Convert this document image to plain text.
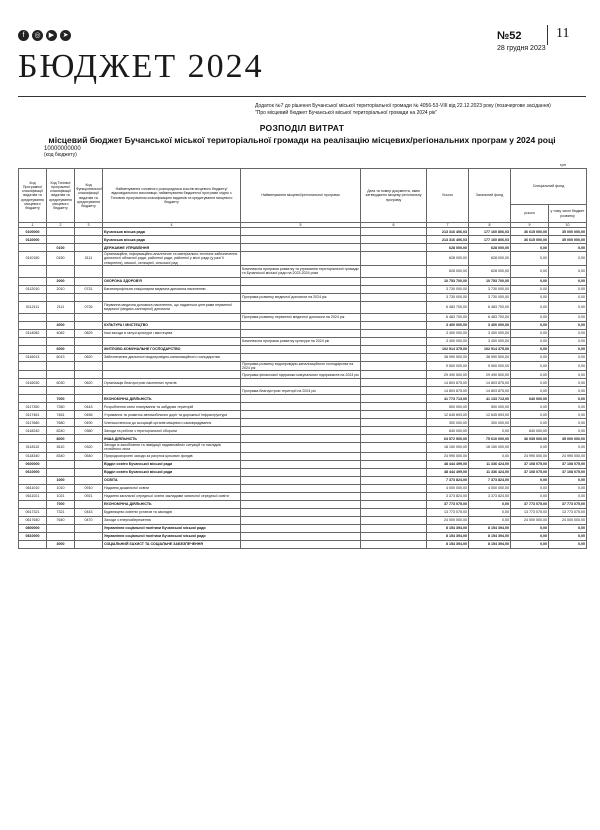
f	◎	▶	➤	№52
28 грудня 2023
11
БЮДЖЕТ 2024
Додаток №7 до рішення Бучанської міської територіальної громади № 4056-53-VIII від 22.12.2023 року (позачергове засідання)
"Про місцевий бюджет Бучанської міської територіальної громади на 2024 рік"
РОЗПОДІЛ ВИТРАТ
місцевий бюджет Бучанської міської територіальної громади на реалізацію місцевих/регіональних програм у 2024 році
10000000000
(код бюджету)
грн
Код Програмної класифікації видатків та кредитування місцевого бюджету	Код Типової програмної класифікації видатків та кредитування місцевого бюджету	Код Функціональної класифікації видатків та кредитування бюджету	Найменування головного розпорядника коштів місцевого бюджету/ відповідального виконавця, найменування бюджетної програми згідно з Типовою програмною класифікацією видатків та кредитування місцевого бюджету	Найменування місцевої/регіональної програми	Дата та номер документа, яким затверджено місцеву регіональну програму	Усього	Загальний фонд	Спеціальний фонд	
								усього	у тому числі бюджет розвитку
1	2	3	4	5	6	7	8	9	10
0100000			Бучанська міська рада			213 316 406,03	177 160 806,03	36 615 000,00	35 000 000,00
0110000			Бучанська міська рада			213 316 406,03	177 160 806,03	36 615 000,00	35 000 000,00
	0100		ДЕРЖАВНЕ УПРАВЛІННЯ			628 000,00	628 000,00	0,00	0,00
0110150	0150	0111	Організаційне, інформаційно-аналітичне та матеріально-технічне забезпечення діяльності обласної ради, районної ради, районної у місті ради (у разі її створення), міської, селищної, сільської рад			628 000,00	628 000,00	0,00	0,00
				Комплексна програма розвитку та утримання територіальної громади та Бучанської міської ради на 2023-2024 роки		628 000,00	628 000,00	0,00	0,00
	2000		ОХОРОНА ЗДОРОВ'Я			10 753 700,00	10 753 700,00	0,00	0,00
0112010	2010	0731	Багатопрофільна стаціонарна медична допомога населенню			3 730 000,00	3 730 000,00	0,00	0,00
				Програма розвитку медичної допомоги на 2024 рік		3 730 000,00	3 730 000,00	0,00	0,00
0112111	2111	0726	Первинна медична допомога населенню, що надається центрами первинної медичної (медико-санітарної) допомоги			6 483 700,00	6 483 700,00	0,00	0,00
				Програма розвитку первинної медичної допомоги на 2024 рік		6 483 700,00	6 483 700,00	0,00	0,00
	4000		КУЛЬТУРА І МИСТЕЦТВО			3 400 000,00	3 400 000,00	0,00	0,00
0114082	4082	0829	Інші заходи в галузі культури і мистецтва			3 400 000,00	3 400 000,00	0,00	0,00
				Комплексна програма розвитку культури на 2024 рік		3 400 000,00	3 400 000,00	0,00	0,00
	6000		ЖИТЛОВО-КОМУНАЛЬНЕ ГОСПОДАРСТВО			102 514 375,00	102 514 375,00	0,00	0,00
0116013	6013	0620	Забезпечення діяльності водопровідно-каналізаційного господарства			38 990 500,00	38 990 500,00	0,00	0,00
				Програма розвитку водопровідно-каналізаційного господарства на 2024 рік		9 500 000,00	9 500 000,00	0,00	0,00
				Програма фінансової підтримки комунальних підприємств на 2024 рік		29 490 500,00	29 490 500,00	0,00	0,00
0116030	6030	0620	Організація благоустрою населених пунктів			14 803 875,00	14 803 875,00	0,00	0,00
				Програма благоустрою території на 2024 рік		14 803 875,00	14 803 875,00	0,00	0,00
	7000		ЕКОНОМІЧНА ДІЯЛЬНІСТЬ			41 773 713,00	41 133 713,00	640 000,00	0,00
0117350	7350	0443	Розроблення схем планування та забудови територій			500 000,00	500 000,00	0,00	0,00
0117461	7461	0456	Утримання та розвиток автомобільних доріг та дорожньої інфраструктури			12 645 693,00	12 645 693,00	0,00	0,00
0117680	7680	0490	Членські внески до асоціацій органів місцевого самоврядування			300 000,00	300 000,00	0,00	0,00
0118240	8240	0380	Заходи та роботи з територіальної оборони			640 000,00	0,00	640 000,00	0,00
	8000		ІНША ДІЯЛЬНІСТЬ			63 572 500,00	75 610 000,00	36 035 000,00	35 000 000,00
0118110	8110	0320	Заходи із запобігання та ліквідації надзвичайних ситуацій та наслідків стихійного лиха			18 150 000,00	18 150 000,00	0,00	0,00
0118340	8340	0540	Природоохоронні заходи за рахунок цільових фондів			24 990 000,00	0,00	24 990 000,00	24 990 000,00
0600000			Відділ освіти Бучанської міської ради			48 444 499,00	11 336 424,00	37 108 075,00	37 108 075,00
0610000			Відділ освіти Бучанської міської ради			48 444 499,00	11 336 424,00	37 108 075,00	37 108 075,00
	1000		ОСВІТА			7 373 824,00	7 373 824,00	0,00	0,00
0611010	1010	0910	Надання дошкільної освіти			4 000 000,00	4 000 000,00	0,00	0,00
0611021	1021	0921	Надання загальної середньої освіти закладами загальної середньої освіти			3 373 824,00	3 373 824,00	0,00	0,00
	7000		ЕКОНОМІЧНА ДІЯЛЬНІСТЬ			37 773 075,00	0,00	37 773 075,00	37 773 075,00
0617321	7321	0443	Будівництво освітніх установ та закладів			13 773 075,00	0,00	13 773 075,00	13 773 075,00
0617640	7640	0470	Заходи з енергозбереження			24 000 000,00	0,00	24 000 000,00	24 000 000,00
0800000			Управління соціальної політики Бучанської міської ради			8 154 394,00	8 154 394,00	0,00	0,00
0810000			Управління соціальної політики Бучанської міської ради			8 154 394,00	8 154 394,00	0,00	0,00
	3000		СОЦІАЛЬНИЙ ЗАХИСТ ТА СОЦІАЛЬНЕ ЗАБЕЗПЕЧЕННЯ			8 154 394,00	8 154 394,00	0,00	0,00
